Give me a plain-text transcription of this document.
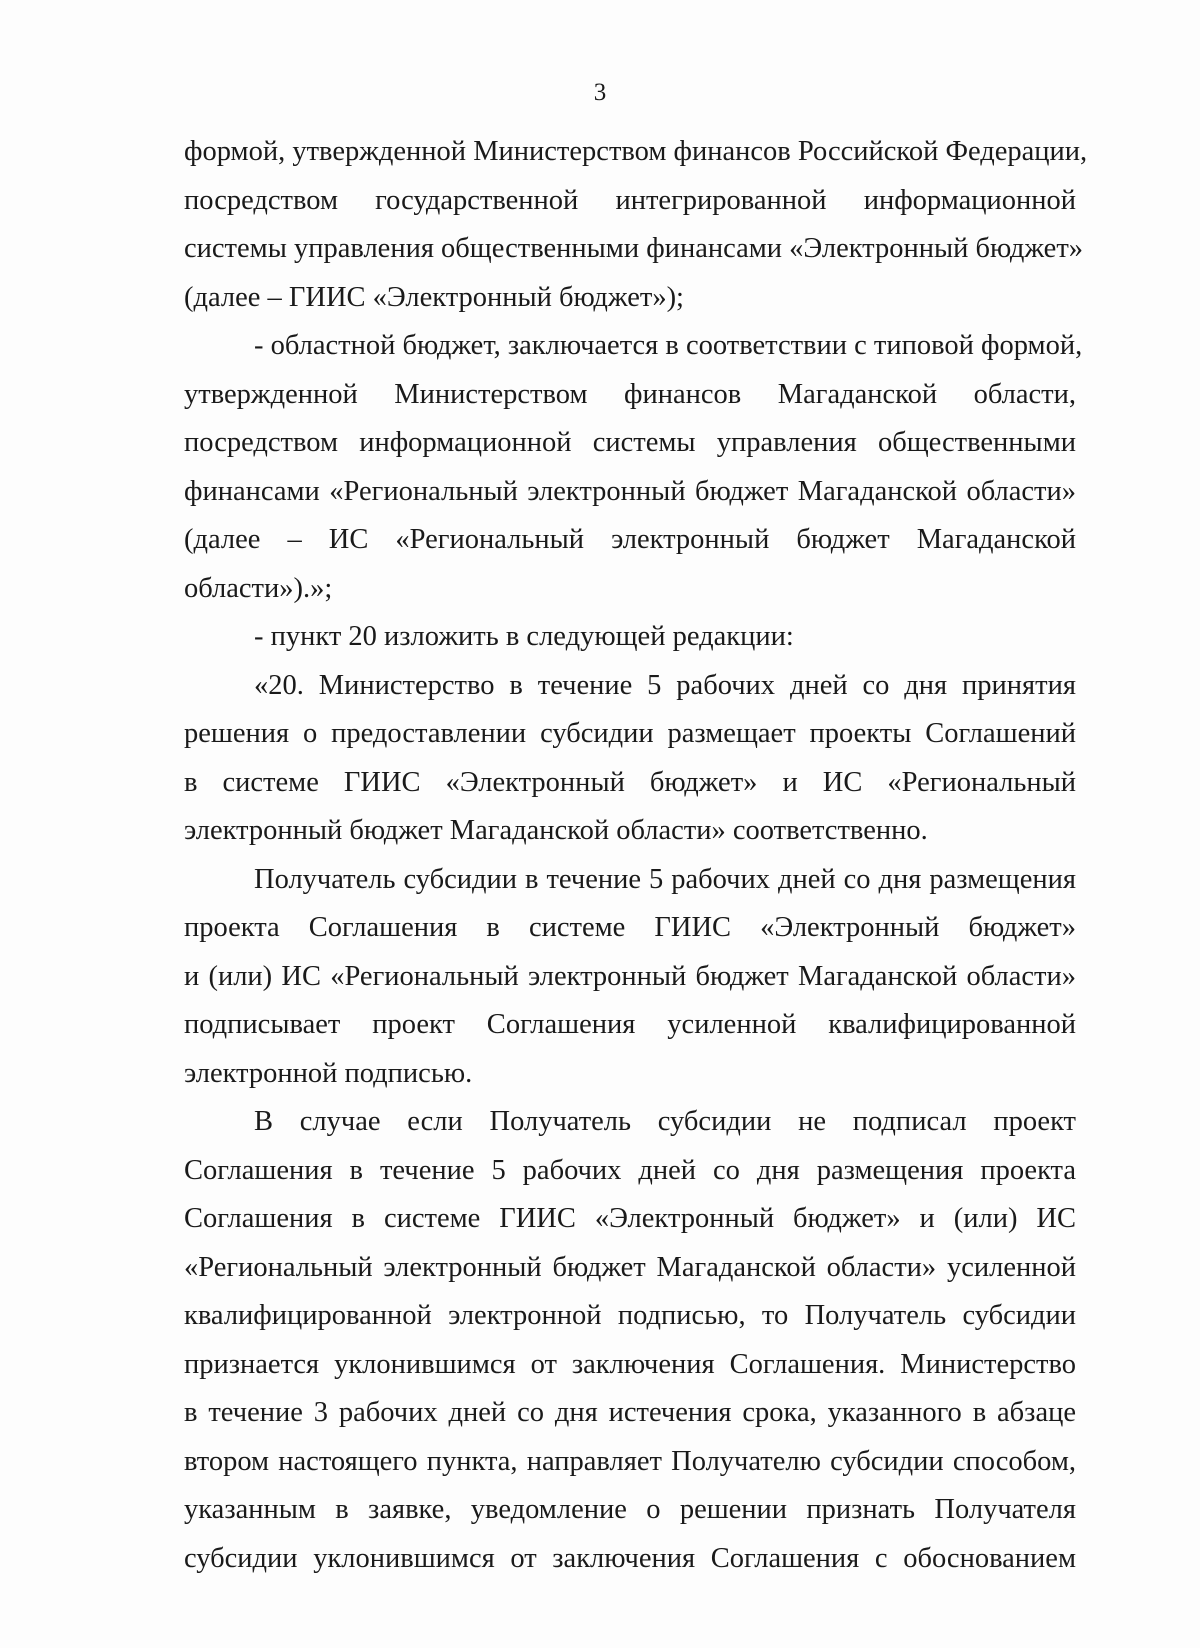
3

формой, утвержденной Министерством финансов Российской Федерации,

посредством государственной интегрированной информационной

системы управления общественными финансами «Электронный бюджет»

(далее – ГИИС «Электронный бюджет»);

- областной бюджет, заключается в соответствии с типовой формой,

утвержденной Министерством финансов Магаданской области,

посредством информационной системы управления общественными

финансами «Региональный электронный бюджет Магаданской области»

(далее – ИС «Региональный электронный бюджет Магаданской

области»).»;

- пункт 20 изложить в следующей редакции:

«20. Министерство в течение 5 рабочих дней со дня принятия

решения о предоставлении субсидии размещает проекты Соглашений

в системе ГИИС «Электронный бюджет» и ИС «Региональный

электронный бюджет Магаданской области» соответственно.

Получатель субсидии в течение 5 рабочих дней со дня размещения

проекта Соглашения в системе ГИИС «Электронный бюджет»

и (или) ИС «Региональный электронный бюджет Магаданской области»

подписывает проект Соглашения усиленной квалифицированной

электронной подписью.

В случае если Получатель субсидии не подписал проект

Соглашения в течение 5 рабочих дней со дня размещения проекта

Соглашения в системе ГИИС «Электронный бюджет» и (или) ИС

«Региональный электронный бюджет Магаданской области» усиленной

квалифицированной электронной подписью, то Получатель субсидии

признается уклонившимся от заключения Соглашения. Министерство

в течение 3 рабочих дней со дня истечения срока, указанного в абзаце

втором настоящего пункта, направляет Получателю субсидии способом,

указанным в заявке, уведомление о решении признать Получателя

субсидии уклонившимся от заключения Соглашения с обоснованием
